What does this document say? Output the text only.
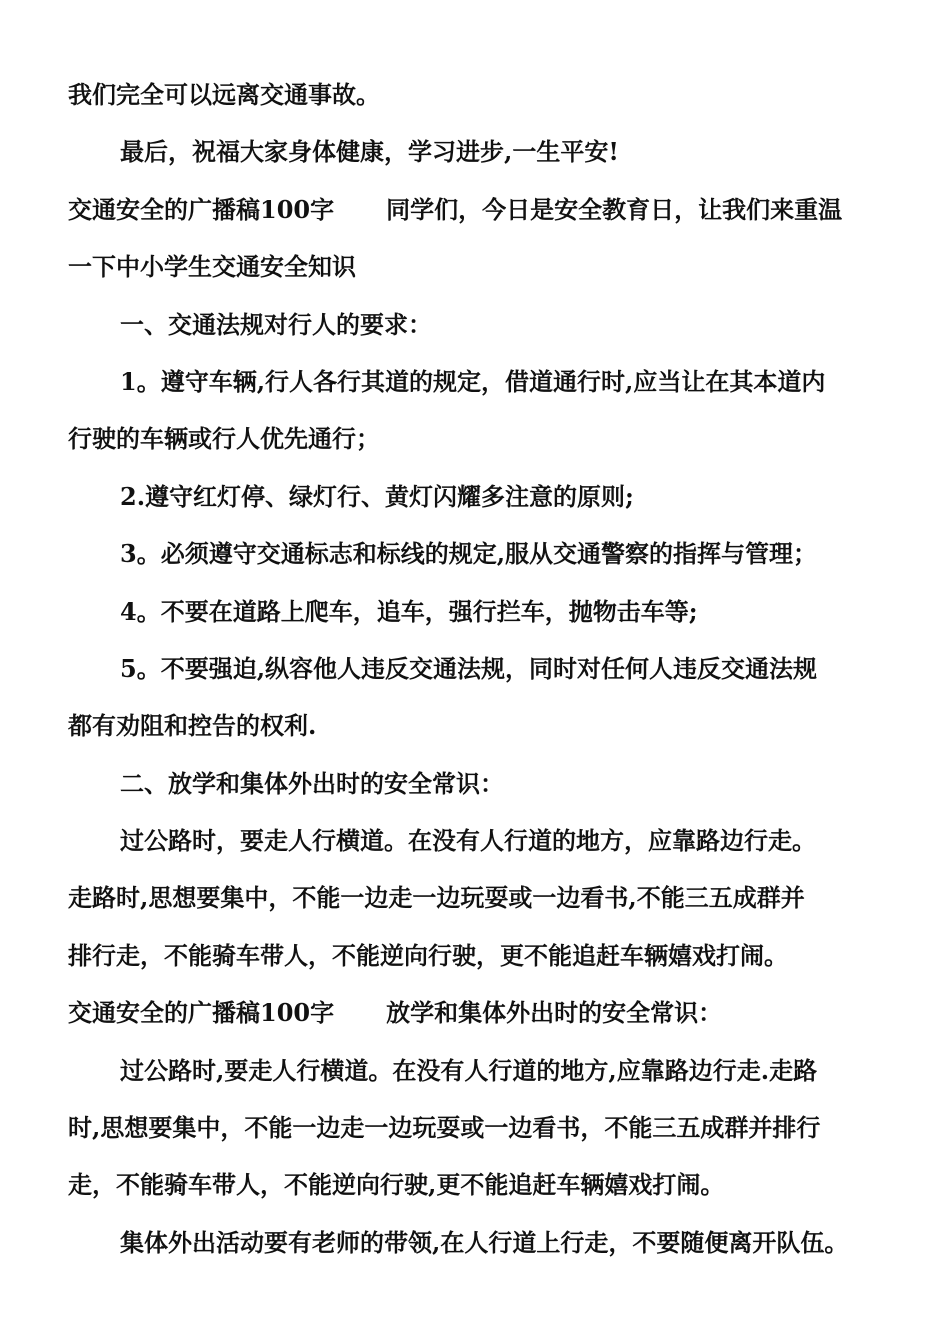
我们完全可以远离交通事故。
最后，祝福大家身体健康，学习进步,一生平安!
交通安全的广播稿100字 同学们，今日是安全教育日，让我们来重温
一下中小学生交通安全知识
一、交通法规对行人的要求：
1。遵守车辆,行人各行其道的规定，借道通行时,应当让在其本道内
行驶的车辆或行人优先通行；
2.遵守红灯停、绿灯行、黄灯闪耀多注意的原则;
3。必须遵守交通标志和标线的规定,服从交通警察的指挥与管理；
4。不要在道路上爬车，追车，强行拦车，抛物击车等;
5。不要强迫,纵容他人违反交通法规，同时对任何人违反交通法规
都有劝阻和控告的权利.
二、放学和集体外出时的安全常识：
过公路时，要走人行横道。在没有人行道的地方，应靠路边行走。
走路时,思想要集中，不能一边走一边玩耍或一边看书,不能三五成群并
排行走，不能骑车带人，不能逆向行驶，更不能追赶车辆嬉戏打闹。
交通安全的广播稿100字 放学和集体外出时的安全常识：
过公路时,要走人行横道。在没有人行道的地方,应靠路边行走.走路
时,思想要集中，不能一边走一边玩耍或一边看书，不能三五成群并排行
走，不能骑车带人，不能逆向行驶,更不能追赶车辆嬉戏打闹。
集体外出活动要有老师的带领,在人行道上行走，不要随便离开队伍。
